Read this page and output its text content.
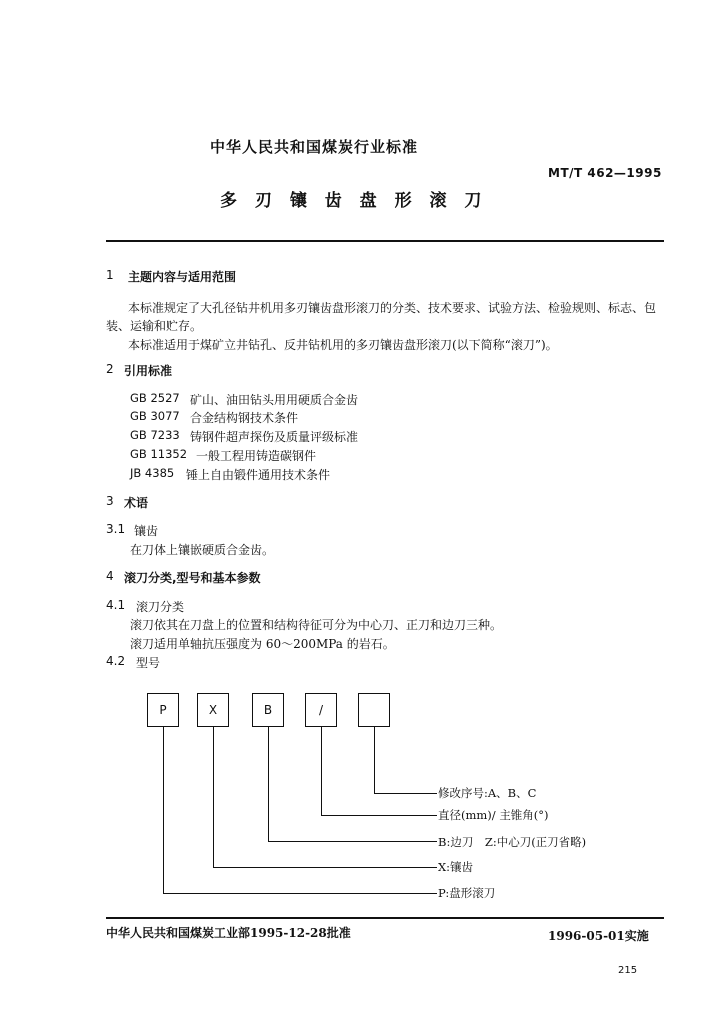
中华人民共和国煤炭行业标准
MT/T 462—1995
多 刃 镶 齿 盘 形 滚 刀
1 主题内容与适用范围
本标准规定了大孔径钻井机用多刃镶齿盘形滚刀的分类、技术要求、试验方法、检验规则、标志、包
装、运输和贮存。
本标准适用于煤矿立井钻孔、反井钻机用的多刃镶齿盘形滚刀(以下简称“滚刀”)。
2 引用标准
GB 2527 矿山、油田钻头用用硬质合金齿
GB 3077 合金结构钢技术条件
GB 7233 铸钢件超声探伤及质量评级标准
GB 11352 一般工程用铸造碳钢件
JB 4385 锤上自由锻件通用技术条件
3 术语
3.1 镶齿
在刀体上镶嵌硬质合金齿。
4 滚刀分类,型号和基本参数
4.1 滚刀分类
滚刀依其在刀盘上的位置和结构待征可分为中心刀、正刀和边刀三种。
滚刀适用单轴抗压强度为 60～200MPa 的岩石。
4.2 型号
P	X	B	/
修改序号:A、B、C
直径(mm)/ 主锥角(°)
B:边刀　Z:中心刀(正刀省略)
X:镶齿
P:盘形滚刀
中华人民共和国煤炭工业部1995-12-28批准	1996-05-01实施
215
